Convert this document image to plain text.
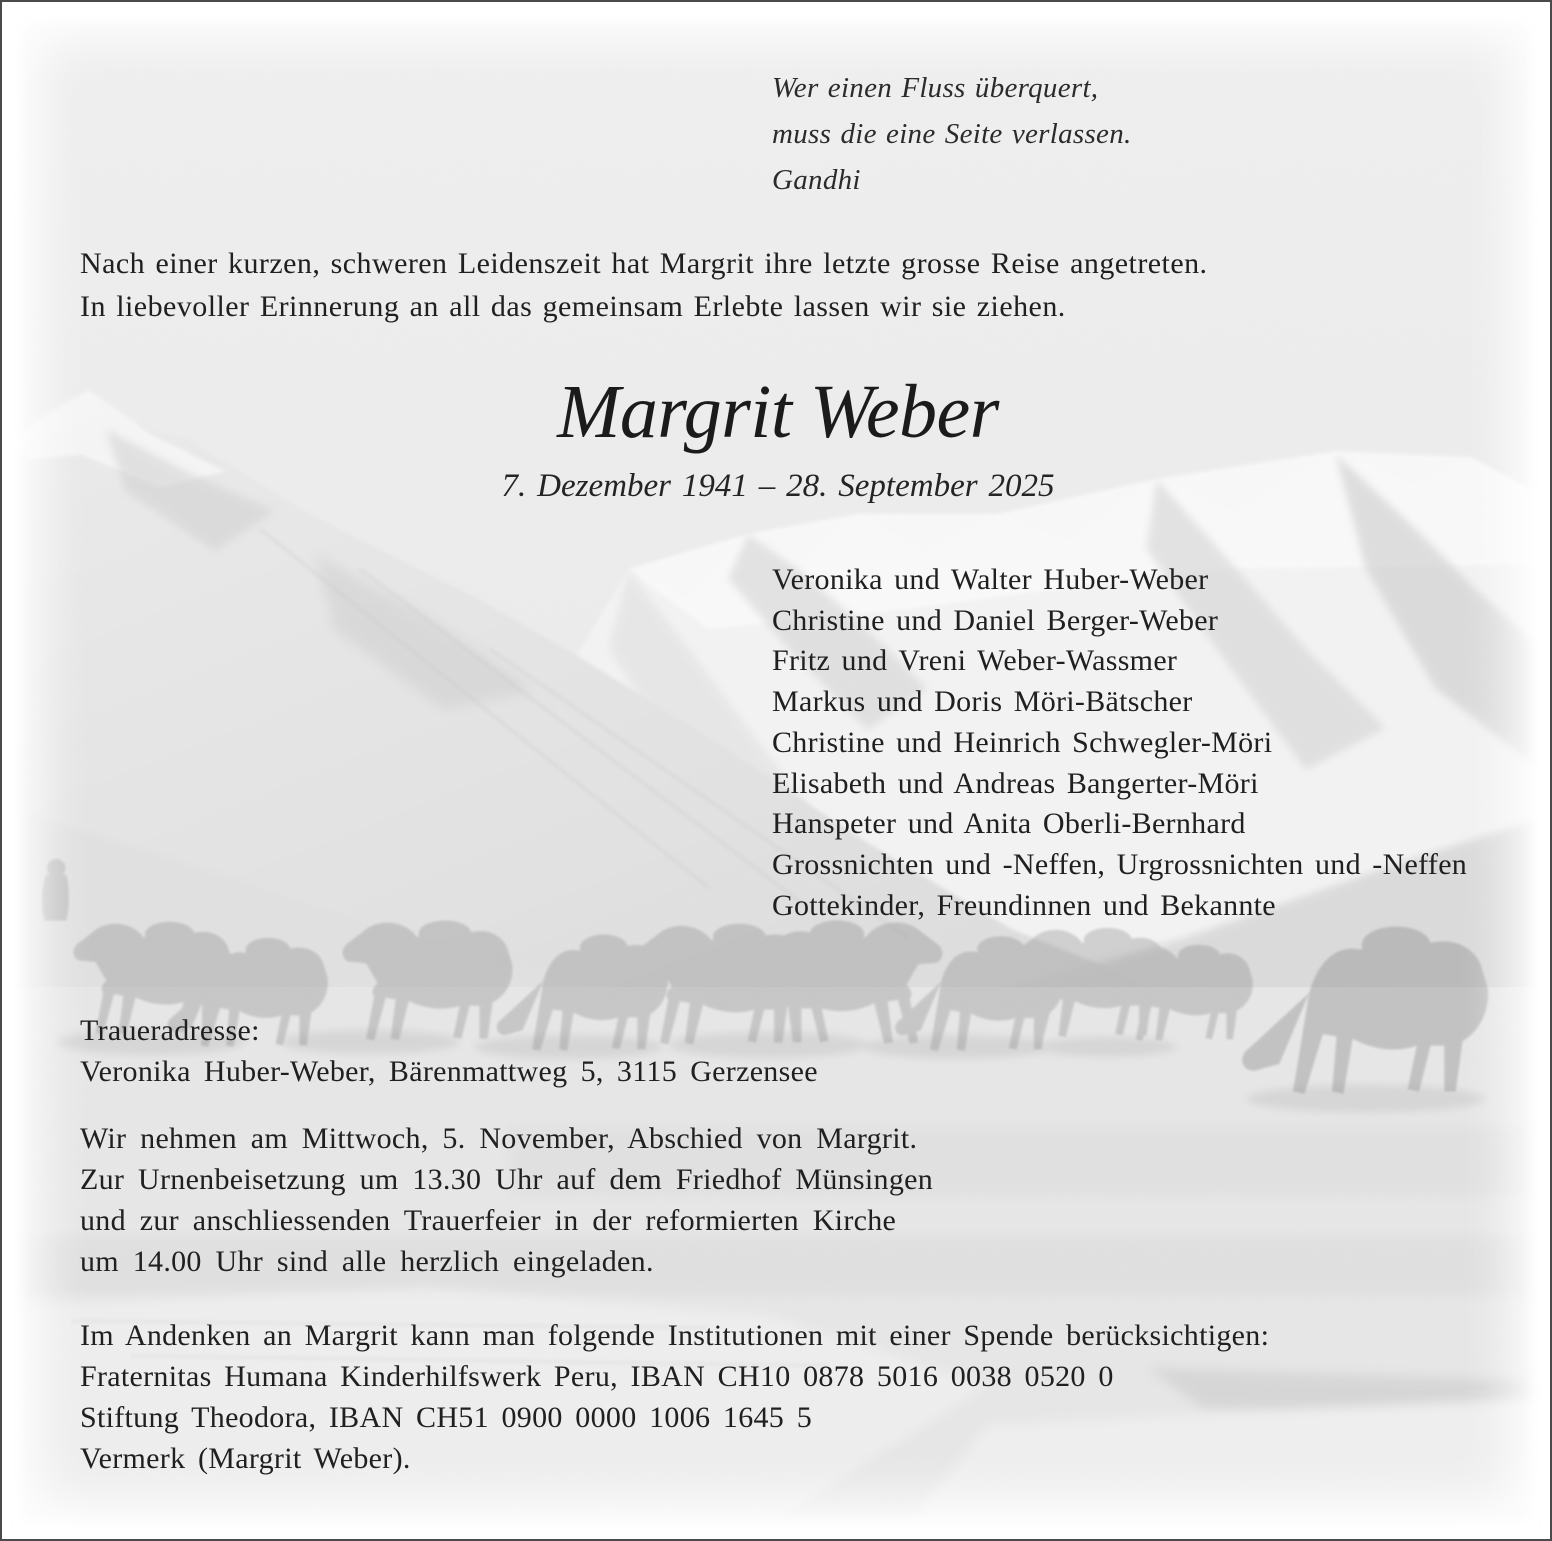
Wer einen Fluss überquert,
muss die eine Seite verlassen.
Gandhi
Nach einer kurzen, schweren Leidenszeit hat Margrit ihre letzte grosse Reise angetreten.
In liebevoller Erinnerung an all das gemeinsam Erlebte lassen wir sie ziehen.
Margrit Weber
7. Dezember 1941 – 28. September 2025
Veronika und Walter Huber-Weber
Christine und Daniel Berger-Weber
Fritz und Vreni Weber-Wassmer
Markus und Doris Möri-Bätscher
Christine und Heinrich Schwegler-Möri
Elisabeth und Andreas Bangerter-Möri
Hanspeter und Anita Oberli-Bernhard
Grossnichten und -Neffen, Urgrossnichten und -Neffen
Gottekinder, Freundinnen und Bekannte
Traueradresse:
Veronika Huber-Weber, Bärenmattweg 5, 3115 Gerzensee
Wir nehmen am Mittwoch, 5. November, Abschied von Margrit.
Zur Urnenbeisetzung um 13.30 Uhr auf dem Friedhof Münsingen
und zur anschliessenden Trauerfeier in der reformierten Kirche
um 14.00 Uhr sind alle herzlich eingeladen.
Im Andenken an Margrit kann man folgende Institutionen mit einer Spende berücksichtigen:
Fraternitas Humana Kinderhilfswerk Peru, IBAN CH10 0878 5016 0038 0520 0
Stiftung Theodora, IBAN CH51 0900 0000 1006 1645 5
Vermerk (Margrit Weber).
